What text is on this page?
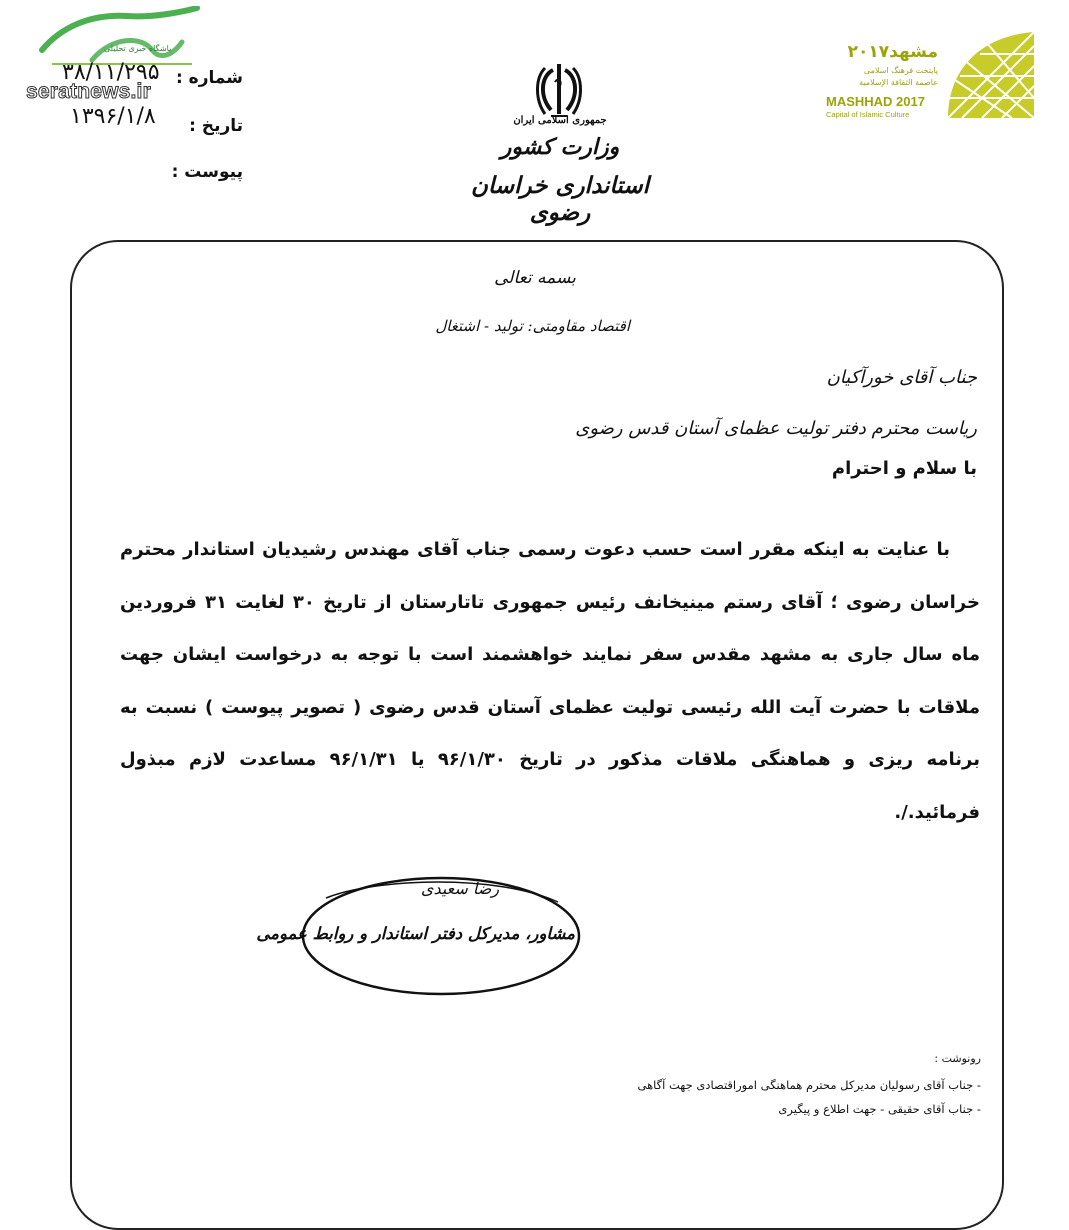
باشگاه خبری تحلیلی
seratnews.ir
شماره :
۳۸/۱۱/۲۹۵
تاریخ :
۱۳۹۶/۱/۸
پیوست :
جمهوری اسلامی ایران
وزارت کشور
استانداری خراسان رضوی
مشهد۲۰۱۷
پایتخت فرهنگ اسلامی
عاصمة الثقافة الإسلامية
MASHHAD 2017
Capital of Islamic Culture
بسمه تعالی
اقتصاد مقاومتی: تولید - اشتغال
جناب آقای خورآکیان
ریاست محترم دفتر تولیت عظمای آستان قدس رضوی
با سلام و احترام

با عنایت به اینکه مقرر است حسب دعوت رسمی جناب آقای مهندس رشیدیان استاندار محترم خراسان رضوی ؛ آقای رستم مینیخانف رئیس جمهوری تاتارستان از تاریخ ۳۰ لغایت ۳۱ فروردین ماه سال جاری به مشهد مقدس سفر نمایند خواهشمند است با توجه به درخواست ایشان جهت ملاقات با حضرت آیت الله رئیسی تولیت عظمای آستان قدس رضوی ( تصویر پیوست ) نسبت به برنامه ریزی و هماهنگی ملاقات مذکور در تاریخ ۹۶/۱/۳۰ یا ۹۶/۱/۳۱ مساعدت لازم مبذول فرمائید./.

رضا سعیدی
مشاور، مدیرکل دفتر استاندار و روابط عمومی
رونوشت :
- جناب آقای رسولیان مدیرکل محترم هماهنگی اموراقتصادی جهت آگاهی
- جناب آقای حقیقی - جهت اطلاع و پیگیری
